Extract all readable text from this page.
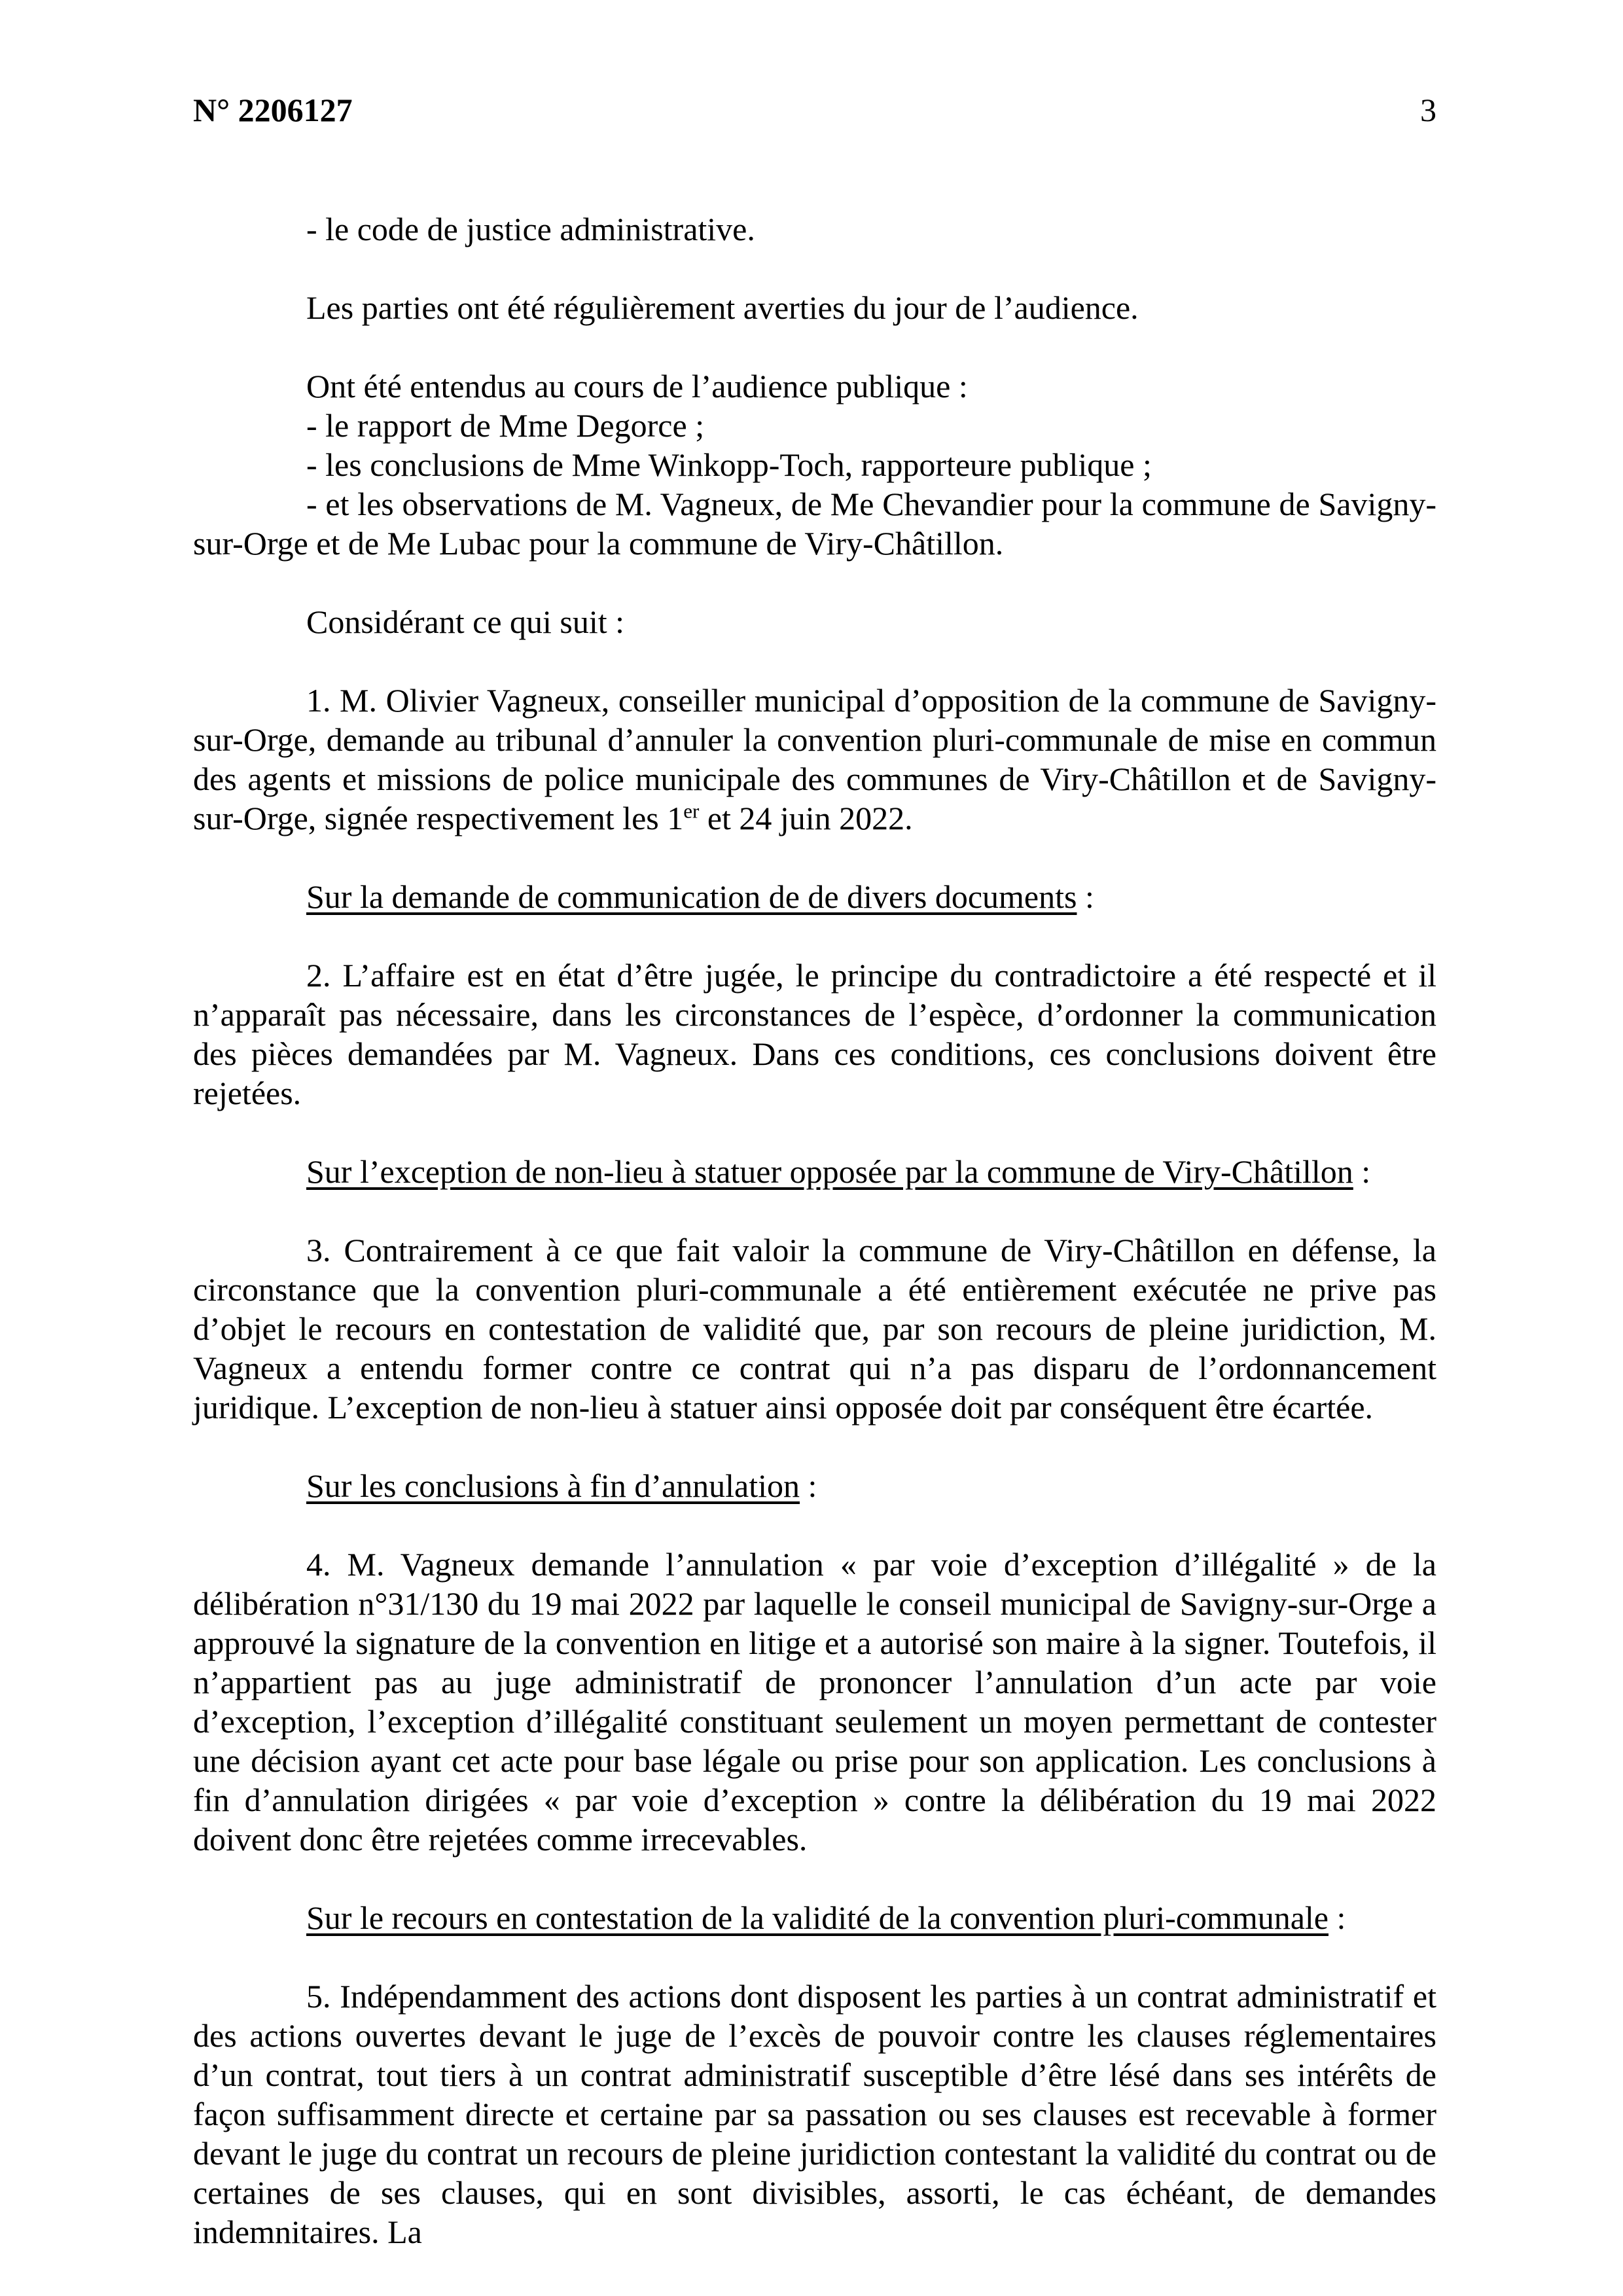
N° 2206127	3

- le code de justice administrative.

Les parties ont été régulièrement averties du jour de l’audience.

Ont été entendus au cours de l’audience publique :

- le rapport de Mme Degorce ;

- les conclusions de Mme Winkopp-Toch, rapporteure publique ;

- et les observations de M. Vagneux, de Me Chevandier pour la commune de Savigny-sur-Orge et de Me Lubac pour la commune de Viry-Châtillon.

Considérant ce qui suit :

1. M. Olivier Vagneux, conseiller municipal d’opposition de la commune de Savigny-sur-Orge, demande au tribunal d’annuler la convention pluri-communale de mise en commun des agents et missions de police municipale des communes de Viry-Châtillon et de Savigny-sur-Orge, signée respectivement les 1er et 24 juin 2022.

Sur la demande de communication de de divers documents :

2. L’affaire est en état d’être jugée, le principe du contradictoire a été respecté et il n’apparaît pas nécessaire, dans les circonstances de l’espèce, d’ordonner la communication des pièces demandées par M. Vagneux. Dans ces conditions, ces conclusions doivent être rejetées.

Sur l’exception de non-lieu à statuer opposée par la commune de Viry-Châtillon :

3. Contrairement à ce que fait valoir la commune de Viry-Châtillon en défense, la circonstance que la convention pluri-communale a été entièrement exécutée ne prive pas d’objet le recours en contestation de validité que, par son recours de pleine juridiction, M. Vagneux a entendu former contre ce contrat qui n’a pas disparu de l’ordonnancement juridique. L’exception de non-lieu à statuer ainsi opposée doit par conséquent être écartée.

Sur les conclusions à fin d’annulation :

4. M. Vagneux demande l’annulation « par voie d’exception d’illégalité » de la délibération n°31/130 du 19 mai 2022 par laquelle le conseil municipal de Savigny-sur-Orge a approuvé la signature de la convention en litige et a autorisé son maire à la signer. Toutefois, il n’appartient pas au juge administratif de prononcer l’annulation d’un acte par voie d’exception, l’exception d’illégalité constituant seulement un moyen permettant de contester une décision ayant cet acte pour base légale ou prise pour son application. Les conclusions à fin d’annulation dirigées « par voie d’exception » contre la délibération du 19 mai 2022 doivent donc être rejetées comme irrecevables.

Sur le recours en contestation de la validité de la convention pluri-communale :

5. Indépendamment des actions dont disposent les parties à un contrat administratif et des actions ouvertes devant le juge de l’excès de pouvoir contre les clauses réglementaires d’un contrat, tout tiers à un contrat administratif susceptible d’être lésé dans ses intérêts de façon suffisamment directe et certaine par sa passation ou ses clauses est recevable à former devant le juge du contrat un recours de pleine juridiction contestant la validité du contrat ou de certaines de ses clauses, qui en sont divisibles, assorti, le cas échéant, de demandes indemnitaires. La
